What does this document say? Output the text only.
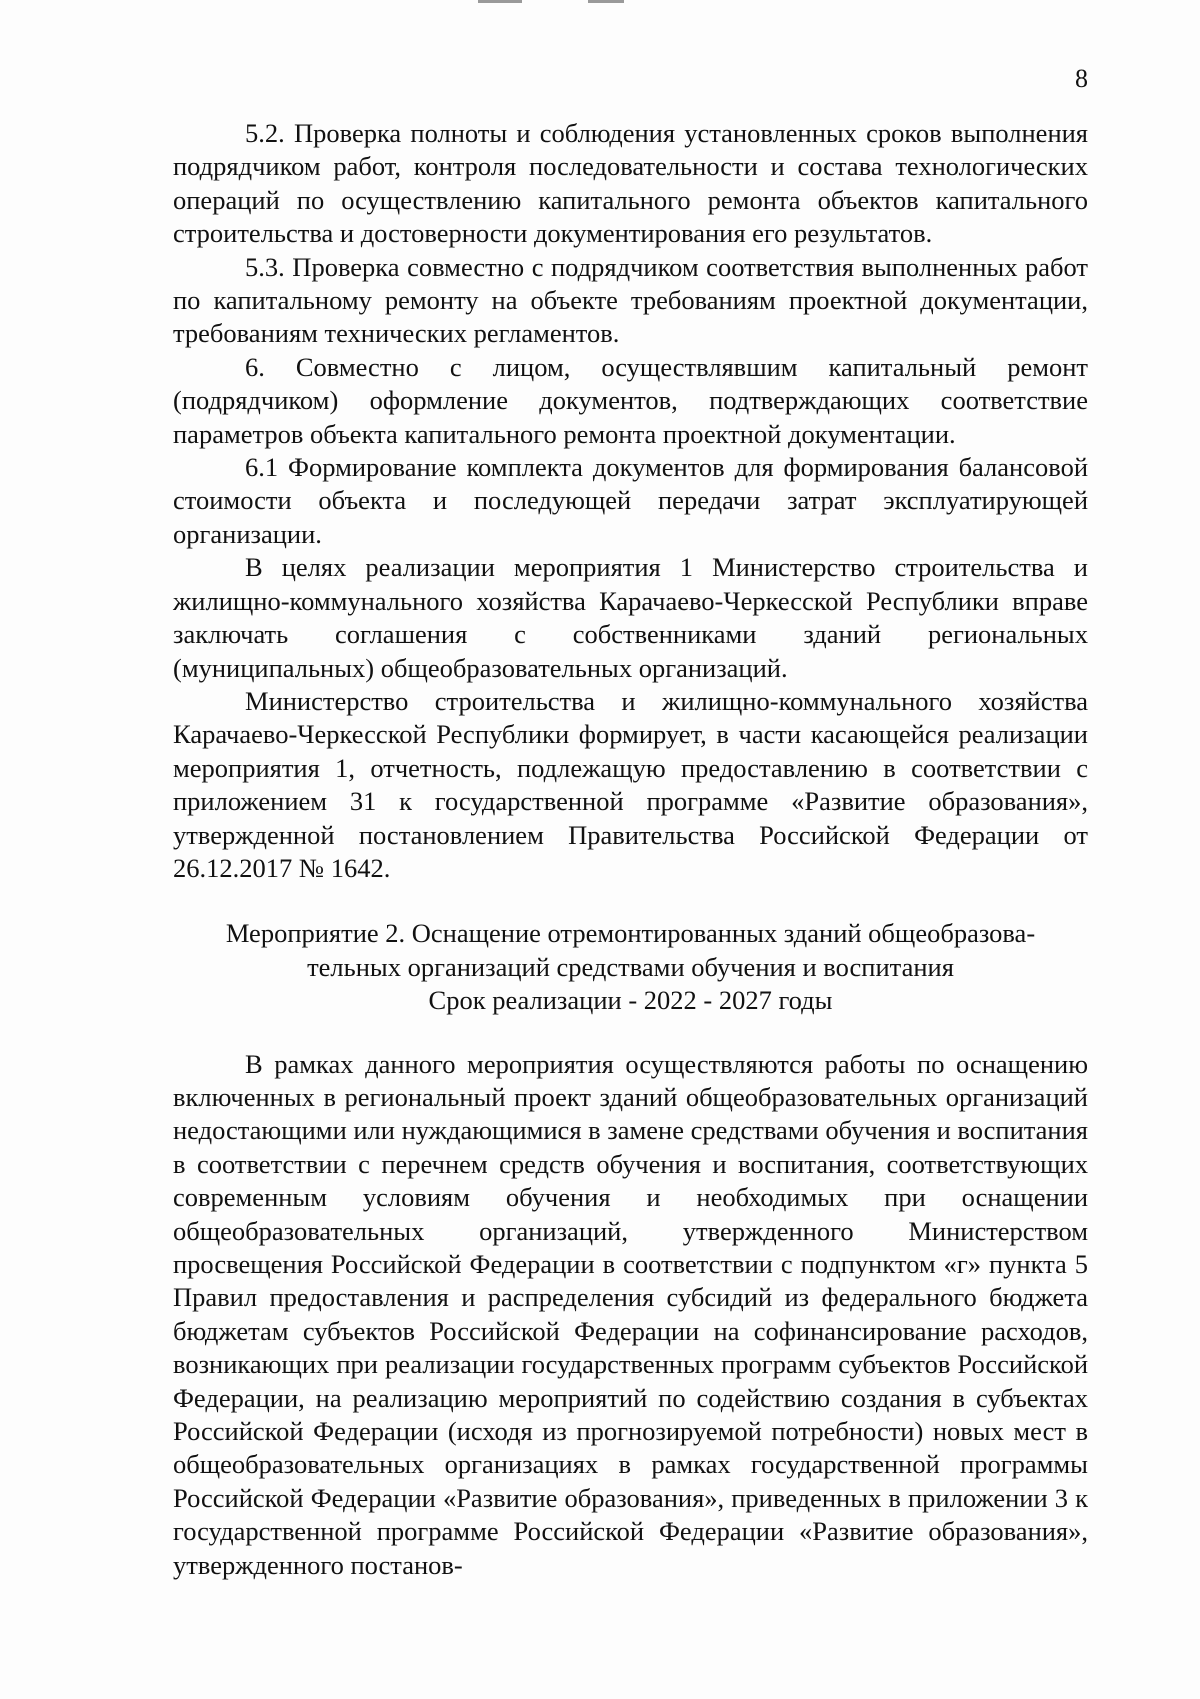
8

5.2. Проверка полноты и соблюдения установленных сроков выполнения подрядчиком работ, контроля последовательности и состава технологических операций по осуществлению капитального ремонта объектов капитального строительства и достоверности документирования его результатов.

5.3. Проверка совместно с подрядчиком соответствия выполненных работ по капитальному ремонту на объекте требованиям проектной документации, требованиям технических регламентов.

6. Совместно с лицом, осуществлявшим капитальный ремонт (подрядчиком) оформление документов, подтверждающих соответствие параметров объекта капитального ремонта проектной документации.

6.1 Формирование комплекта документов для формирования балансовой стоимости объекта и последующей передачи затрат эксплуатирующей организации.

В целях реализации мероприятия 1 Министерство строительства и жилищно-коммунального хозяйства Карачаево-Черкесской Республики вправе заключать соглашения с собственниками зданий региональных (муниципальных) общеобразовательных организаций.

Министерство строительства и жилищно-коммунального хозяйства Карачаево-Черкесской Республики формирует, в части касающейся реализации мероприятия 1, отчетность, подлежащую предоставлению в соответствии с приложением 31 к государственной программе «Развитие образования», утвержденной постановлением Правительства Российской Федерации от 26.12.2017 № 1642.

Мероприятие 2. Оснащение отремонтированных зданий общеобразова-
тельных организаций средствами обучения и воспитания
Срок реализации - 2022 - 2027 годы

В рамках данного мероприятия осуществляются работы по оснащению включенных в региональный проект зданий общеобразовательных организаций недостающими или нуждающимися в замене средствами обучения и воспитания в соответствии с перечнем средств обучения и воспитания, соответствующих современным условиям обучения и необходимых при оснащении общеобразовательных организаций, утвержденного Министерством просвещения Российской Федерации в соответствии с подпунктом «г» пункта 5 Правил предоставления и распределения субсидий из федерального бюджета бюджетам субъектов Российской Федерации на софинансирование расходов, возникающих при реализации государственных программ субъектов Российской Федерации, на реализацию мероприятий по содействию создания в субъектах Российской Федерации (исходя из прогнозируемой потребности) новых мест в общеобразовательных организациях в рамках государственной программы Российской Федерации «Развитие образования», приведенных в приложении 3 к государственной программе Российской Федерации «Развитие образования», утвержденного постанов-
